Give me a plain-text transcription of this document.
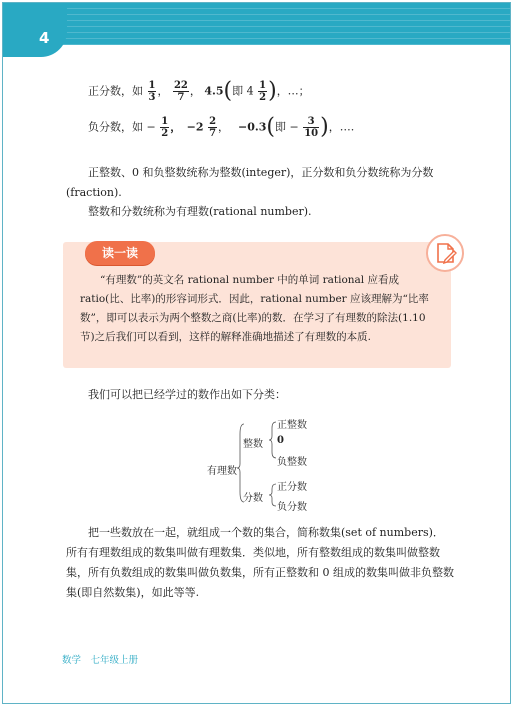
4
正分数，如 $\frac{1}{3}$ ， $\frac{22}{7}$ ， 4.5(即 $4 \frac{1}{2}$ )，…；
负分数，如 − $\frac{1}{2}$ ，　$-2 \frac{2}{7}$ ，　 −0.3(即 − $\frac{3}{10}$ )，….
正整数、0 和负整数统称为整数(integer)，正分数和负分数统称为分数(fraction).
整数和分数统称为有理数(rational number).
读一读
“有理数”的英文名 rational number 中的单词 rational 应看成 ratio(比、比率)的形容词形式．因此，rational number 应该理解为“比率数”，即可以表示为两个整数之商(比率)的数．在学习了有理数的除法(1.10 节)之后我们可以看到，这样的解释准确地描述了有理数的本质.
我们可以把已经学过的数作出如下分类：
有理数
整数
分数
正整数
0
负整数
正分数
负分数
把一些数放在一起，就组成一个数的集合，简称数集(set of numbers)．所有有理数组成的数集叫做有理数集．类似地，所有整数组成的数集叫做整数集，所有负数组成的数集叫做负数集，所有正整数和 0 组成的数集叫做非负整数集(即自然数集)，如此等等.
数学　七年级上册
